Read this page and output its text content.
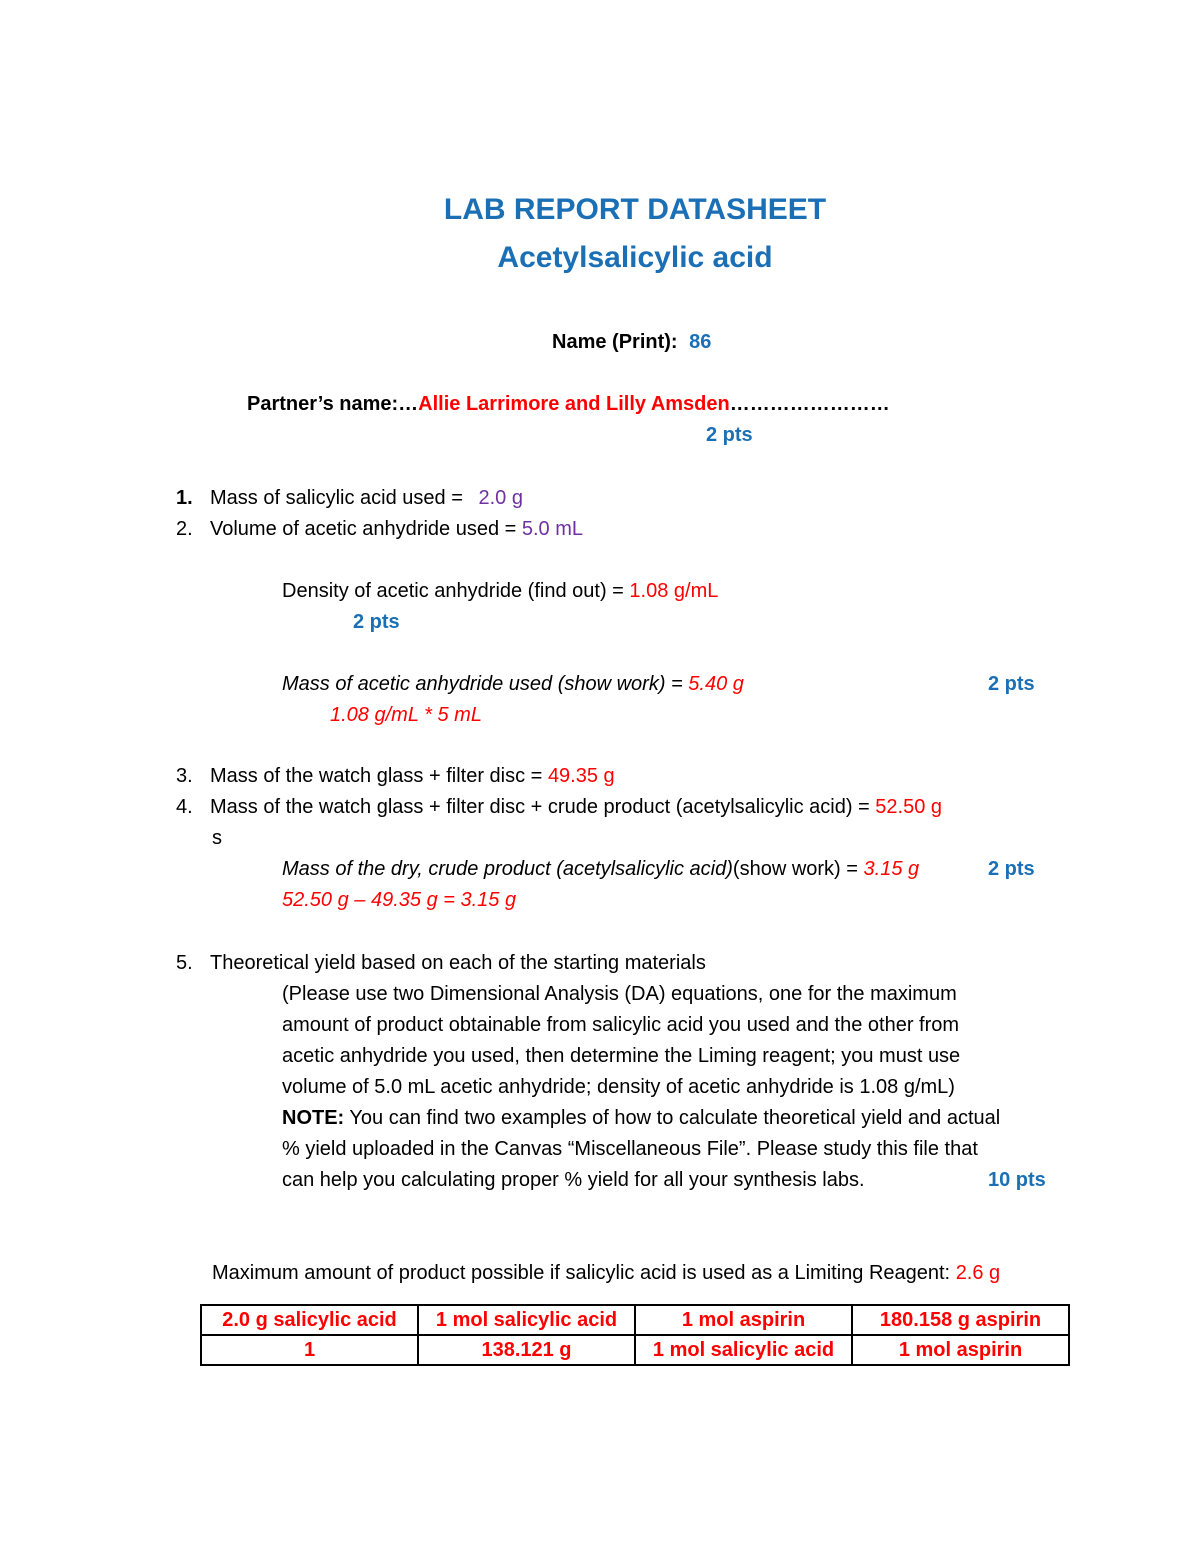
LAB REPORT DATASHEET
Acetylsalicylic acid
Name (Print): 86
Partner’s name:…Allie Larrimore and Lilly Amsden……………………
2 pts
1. Mass of salicylic acid used = 2.0 g
2. Volume of acetic anhydride used = 5.0 mL
Density of acetic anhydride (find out) = 1.08 g/mL
2 pts
Mass of acetic anhydride used (show work) = 5.40 g	2 pts
1.08 g/mL * 5 mL
3. Mass of the watch glass + filter disc = 49.35 g
4. Mass of the watch glass + filter disc + crude product (acetylsalicylic acid) = 52.50 g
s
Mass of the dry, crude product (acetylsalicylic acid)(show work) = 3.15 g	2 pts
52.50 g – 49.35 g = 3.15 g
5. Theoretical yield based on each of the starting materials
(Please use two Dimensional Analysis (DA) equations, one for the maximum
amount of product obtainable from salicylic acid you used and the other from
acetic anhydride you used, then determine the Liming reagent; you must use
volume of 5.0 mL acetic anhydride; density of acetic anhydride is 1.08 g/mL)
NOTE: You can find two examples of how to calculate theoretical yield and actual
% yield uploaded in the Canvas “Miscellaneous File”. Please study this file that
can help you calculating proper % yield for all your synthesis labs.	10 pts
Maximum amount of product possible if salicylic acid is used as a Limiting Reagent: 2.6 g
2.0 g salicylic acid	1 mol salicylic acid	1 mol aspirin	180.158 g aspirin
1	138.121 g	1 mol salicylic acid	1 mol aspirin
